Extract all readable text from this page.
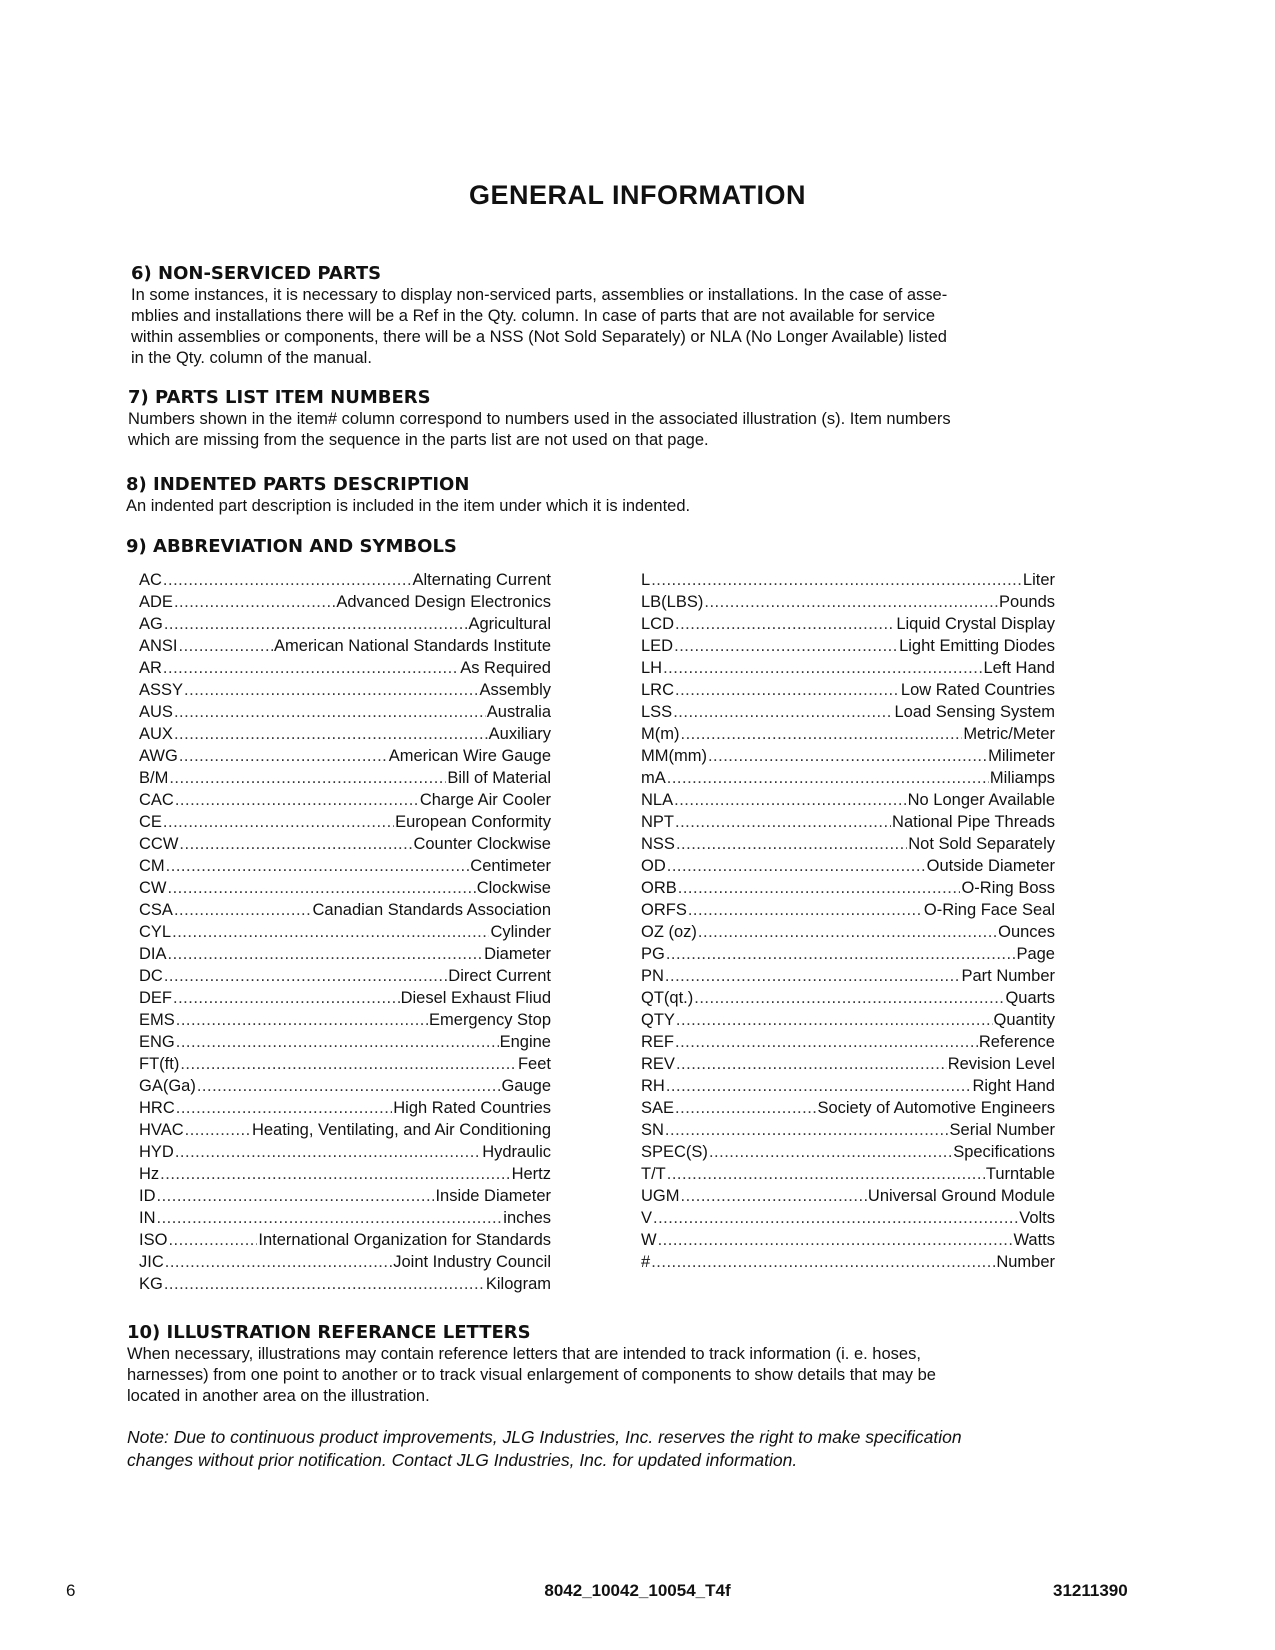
GENERAL INFORMATION
6) NON-SERVICED PARTS

In some instances, it is necessary to display non-serviced parts, assemblies or installations. In the case of asse-

mblies and installations there will be a Ref in the Qty. column. In case of parts that are not available for service

within assemblies or components, there will be a NSS (Not Sold Separately) or NLA (No Longer Available) listed

in the Qty. column of the manual.

7) PARTS LIST ITEM NUMBERS

Numbers shown in the item# column correspond to numbers used in the associated illustration (s). Item numbers

which are missing from the sequence in the parts list are not used on that page.

8) INDENTED PARTS DESCRIPTION

An indented part description is included in the item under which it is indented.

9) ABBREVIATION AND SYMBOLS
AC .....	Alternating Current
ADE .....	Advanced Design Electronics
AG .....	Agricultural
ANSI .....	American National Standards Institute
AR .....	As Required
ASSY .....	Assembly
AUS .....	Australia
AUX .....	Auxiliary
AWG .....	American Wire Gauge
B/M .....	Bill of Material
CAC .....	Charge Air Cooler
CE .....	European Conformity
CCW .....	Counter Clockwise
CM .....	Centimeter
CW .....	Clockwise
CSA .....	Canadian Standards Association
CYL .....	Cylinder
DIA .....	Diameter
DC .....	Direct Current
DEF .....	Diesel Exhaust Fliud
EMS .....	Emergency Stop
ENG .....	Engine
FT(ft) .....	Feet
GA(Ga) .....	Gauge
HRC .....	High Rated Countries
HVAC .....	Heating, Ventilating, and Air Conditioning
HYD .....	Hydraulic
Hz .....	Hertz
ID .....	Inside Diameter
IN .....	inches
ISO .....	International Organization for Standards
JIC .....	Joint Industry Council
KG .....	Kilogram
L .....	Liter
LB(LBS) .....	Pounds
LCD .....	Liquid Crystal Display
LED .....	Light Emitting Diodes
LH .....	Left Hand
LRC .....	Low Rated Countries
LSS .....	Load Sensing System
M(m) .....	Metric/Meter
MM(mm) .....	Milimeter
mA .....	Miliamps
NLA .....	No Longer Available
NPT .....	National Pipe Threads
NSS .....	Not Sold Separately
OD .....	Outside Diameter
ORB .....	O-Ring Boss
ORFS .....	O-Ring Face Seal
OZ (oz) .....	Ounces
PG .....	Page
PN .....	Part Number
QT(qt.) .....	Quarts
QTY .....	Quantity
REF .....	Reference
REV .....	Revision Level
RH .....	Right Hand
SAE .....	Society of Automotive Engineers
SN .....	Serial Number
SPEC(S) .....	Specifications
T/T .....	Turntable
UGM .....	Universal Ground Module
V .....	Volts
W .....	Watts
# .....	Number
10) ILLUSTRATION REFERANCE LETTERS

When necessary, illustrations may contain reference letters that are intended to track information (i. e. hoses,

harnesses) from one point to another or to track visual enlargement of components to show details that may be

located in another area on the illustration.

Note: Due to continuous product improvements, JLG Industries, Inc. reserves the right to make specification
changes without prior notification. Contact JLG Industries, Inc. for updated information.
6	8042_10042_10054_T4f	31211390
